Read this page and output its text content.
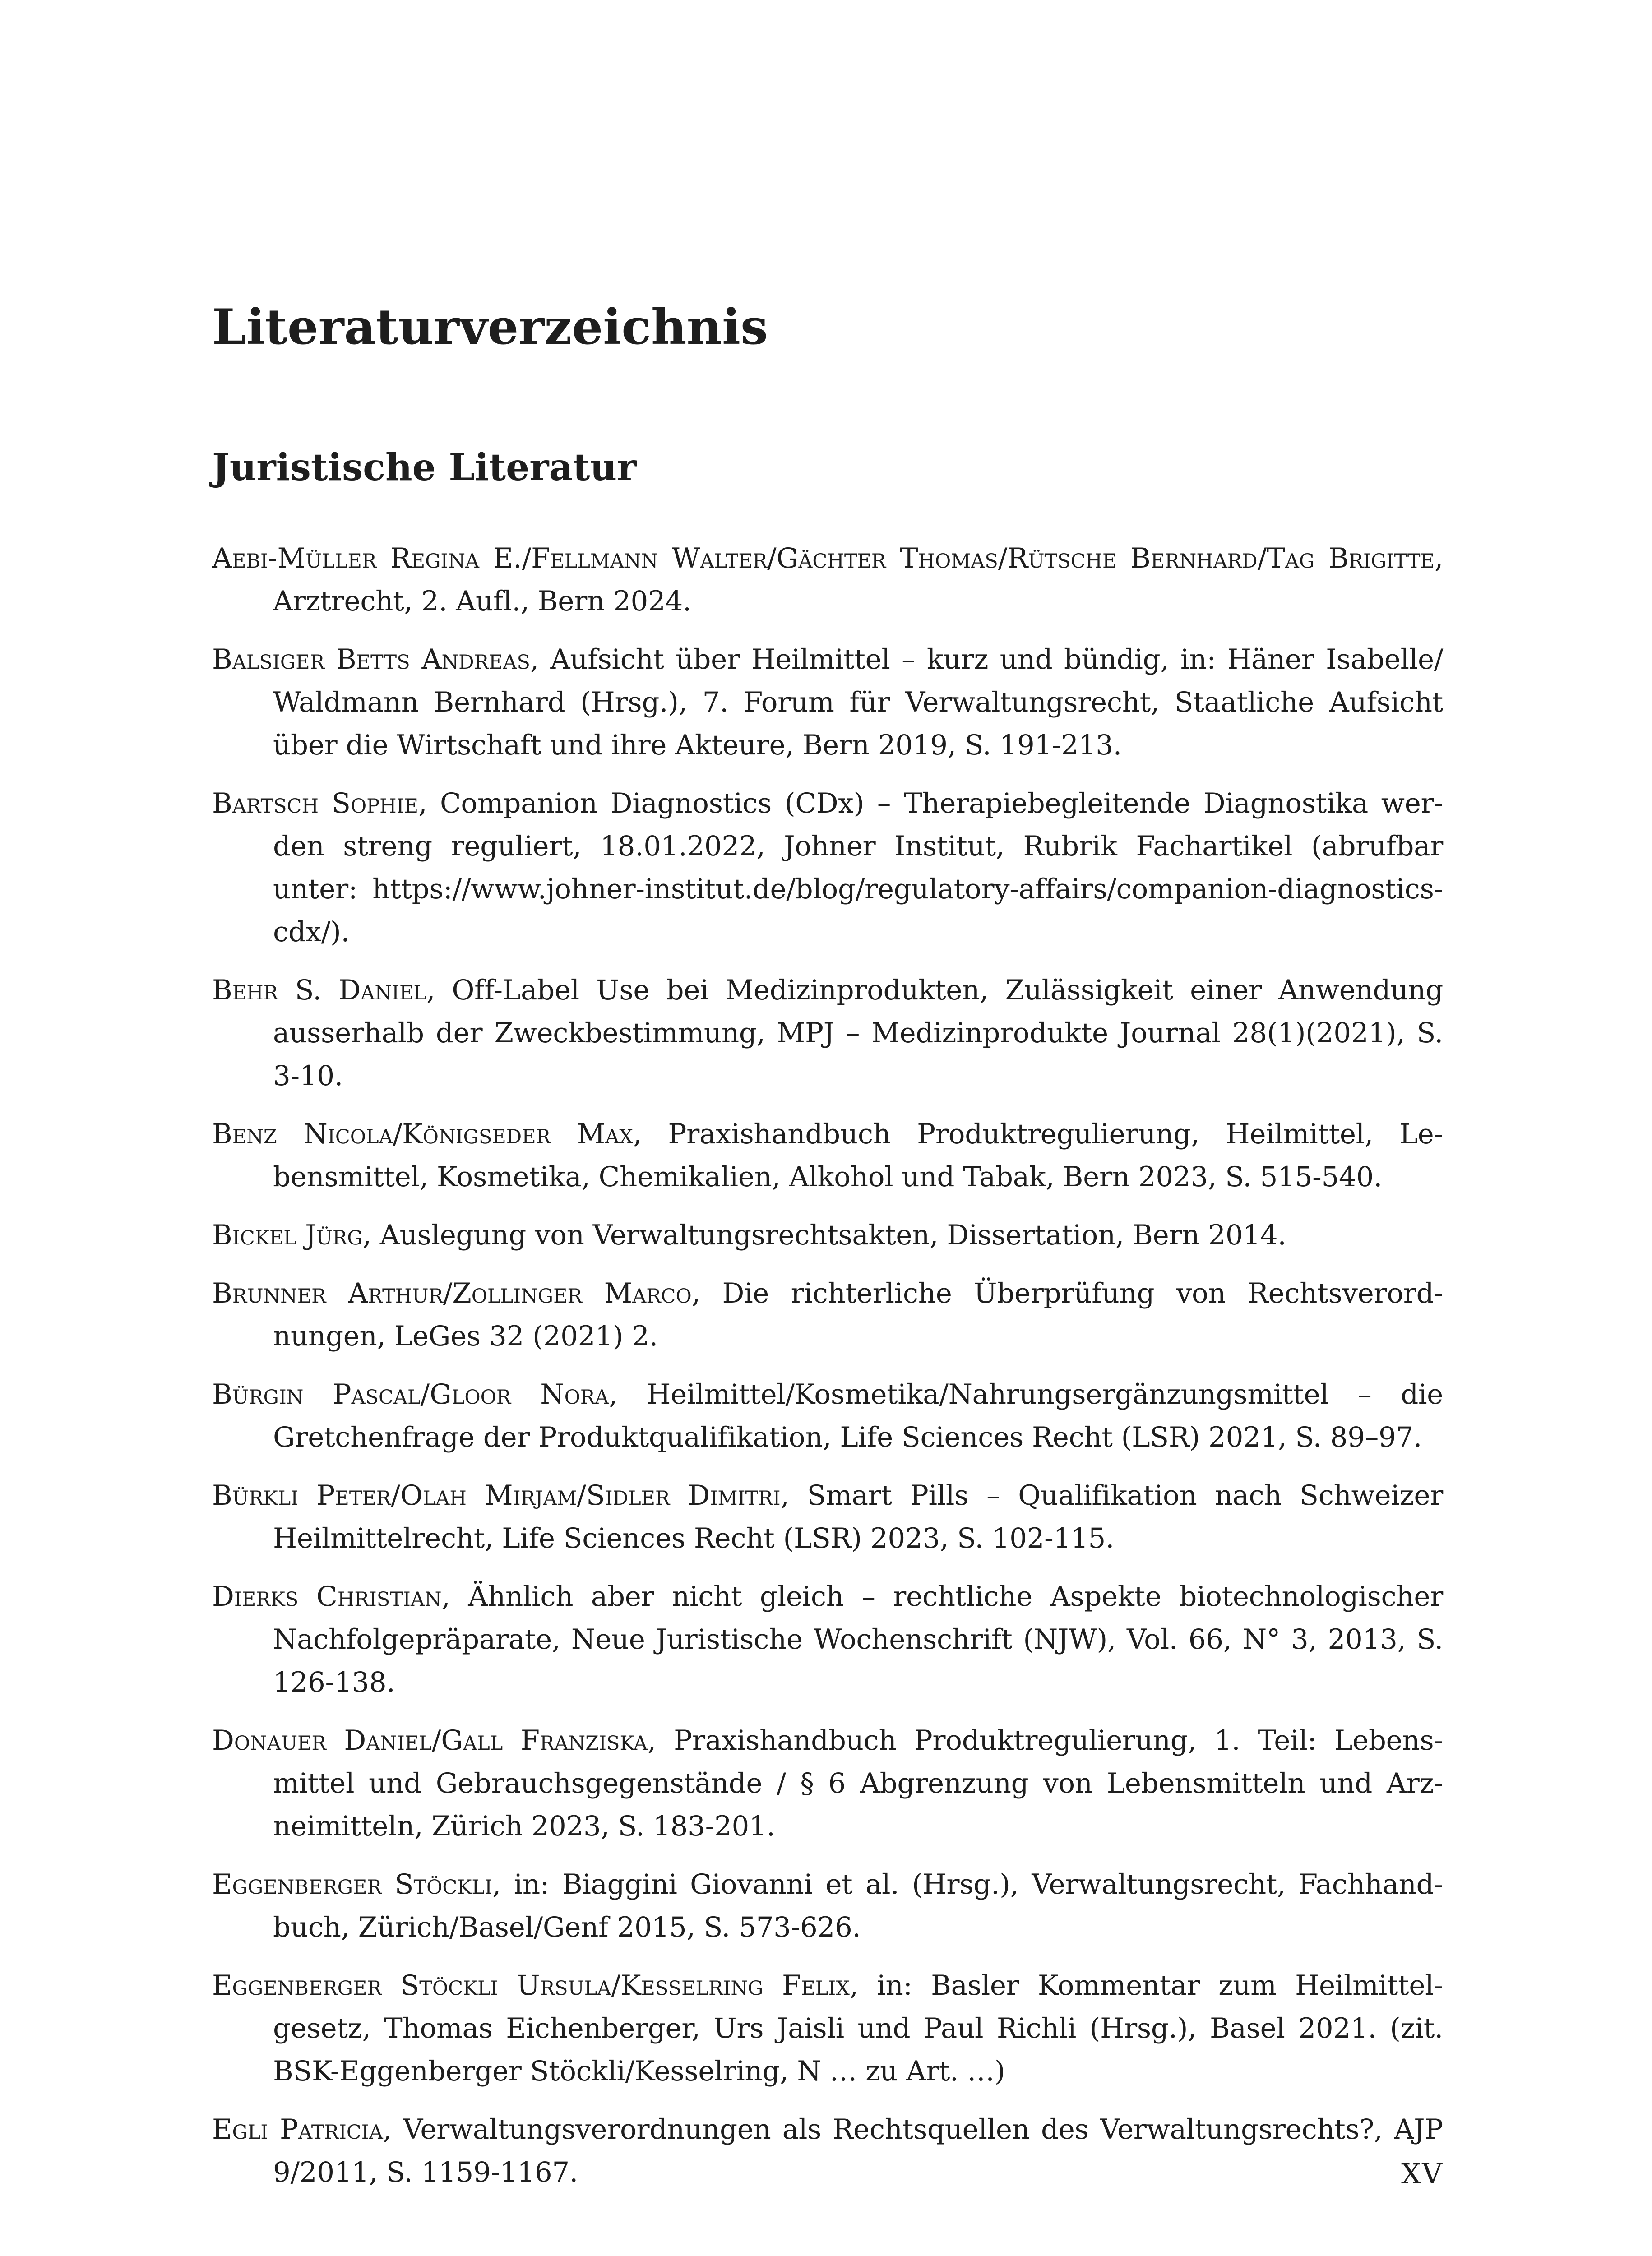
Literaturverzeichnis
Juristische Literatur
Aebi-Müller Regina E./Fellmann Walter/Gächter Thomas/Rütsche Bernhard/Tag Brigitte, Arztrecht, 2. Aufl., Bern 2024.
Balsiger Betts Andreas, Aufsicht über Heilmittel – kurz und bündig, in: Häner Isabelle/ Waldmann Bernhard (Hrsg.), 7. Forum für Verwaltungsrecht, Staatliche Aufsicht über die Wirtschaft und ihre Akteure, Bern 2019, S. 191-213.
Bartsch Sophie, Companion Diagnostics (CDx) – Therapiebegleitende Diagnostika werden streng reguliert, 18.01.2022, Johner Institut, Rubrik Fachartikel (abrufbar unter: https://www.johner-institut.de/blog/regulatory-affairs/companion-diagnostics-cdx/).
Behr S. Daniel, Off-Label Use bei Medizinprodukten, Zulässigkeit einer Anwendung ausserhalb der Zweckbestimmung, MPJ – Medizinprodukte Journal 28(1)(2021), S. 3-10.
Benz Nicola/Königseder Max, Praxishandbuch Produktregulierung, Heilmittel, Lebensmittel, Kosmetika, Chemikalien, Alkohol und Tabak, Bern 2023, S. 515-540.
Bickel Jürg, Auslegung von Verwaltungsrechtsakten, Dissertation, Bern 2014.
Brunner Arthur/Zollinger Marco, Die richterliche Überprüfung von Rechtsverordnungen, LeGes 32 (2021) 2.
Bürgin Pascal/Gloor Nora, Heilmittel/Kosmetika/Nahrungsergänzungsmittel – die Gretchenfrage der Produktqualifikation, Life Sciences Recht (LSR) 2021, S. 89–97.
Bürkli Peter/Olah Mirjam/Sidler Dimitri, Smart Pills – Qualifikation nach Schweizer Heilmittelrecht, Life Sciences Recht (LSR) 2023, S. 102-115.
Dierks Christian, Ähnlich aber nicht gleich – rechtliche Aspekte biotechnologischer Nachfolgepräparate, Neue Juristische Wochenschrift (NJW), Vol. 66, N° 3, 2013, S. 126-138.
Donauer Daniel/Gall Franziska, Praxishandbuch Produktregulierung, 1. Teil: Lebensmittel und Gebrauchsgegenstände / § 6 Abgrenzung von Lebensmitteln und Arzneimitteln, Zürich 2023, S. 183-201.
Eggenberger Stöckli, in: Biaggini Giovanni et al. (Hrsg.), Verwaltungsrecht, Fachhandbuch, Zürich/Basel/Genf 2015, S. 573-626.
Eggenberger Stöckli Ursula/Kesselring Felix, in: Basler Kommentar zum Heilmittelgesetz, Thomas Eichenberger, Urs Jaisli und Paul Richli (Hrsg.), Basel 2021. (zit. BSK-Eggenberger Stöckli/Kesselring, N … zu Art. …)
Egli Patricia, Verwaltungsverordnungen als Rechtsquellen des Verwaltungsrechts?, AJP 9/2011, S. 1159-1167.	XV
